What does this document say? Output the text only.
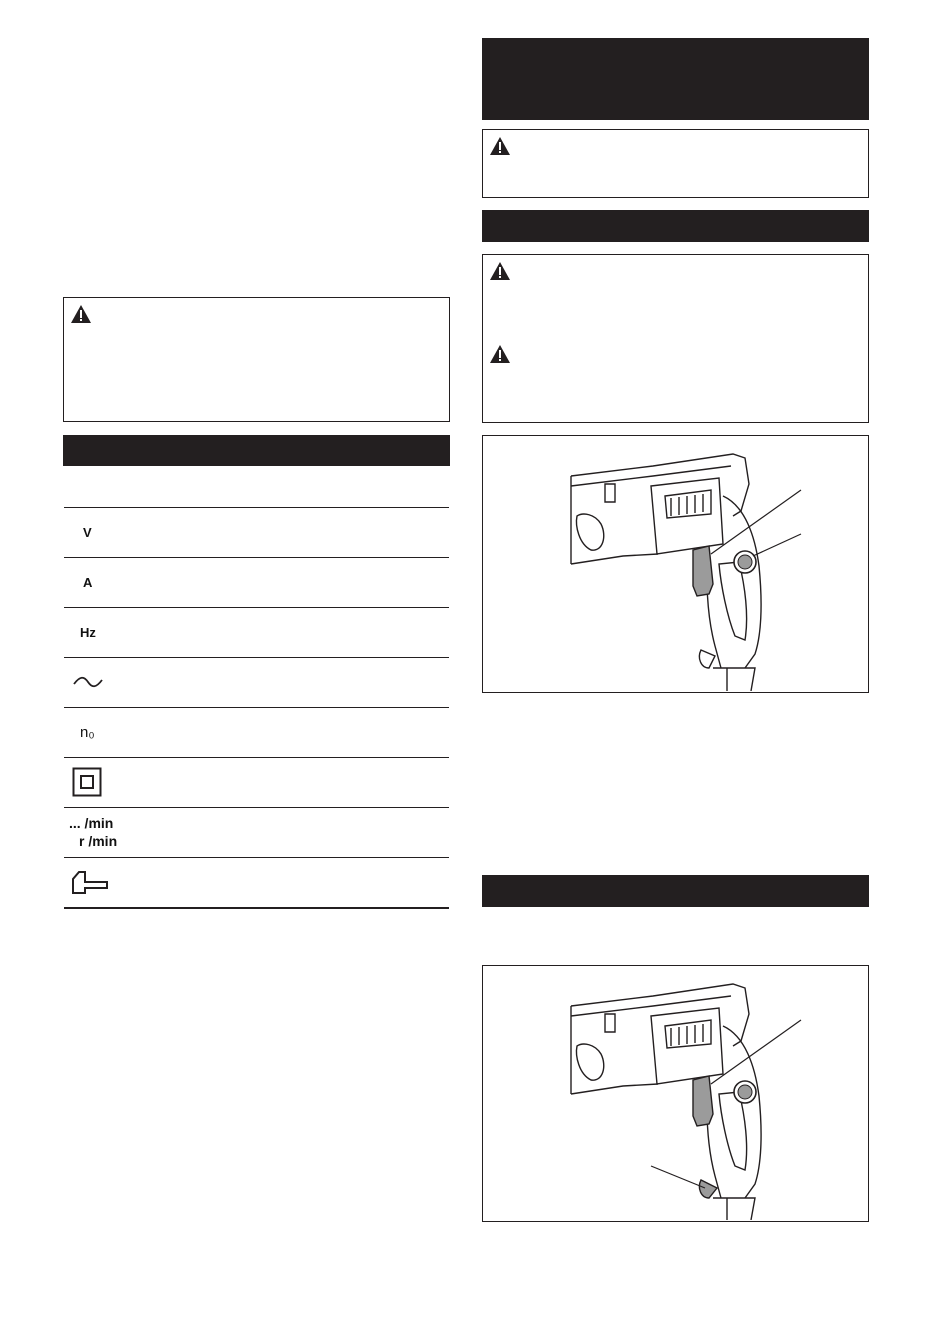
V
A
Hz
n₀
... /min
r /min
